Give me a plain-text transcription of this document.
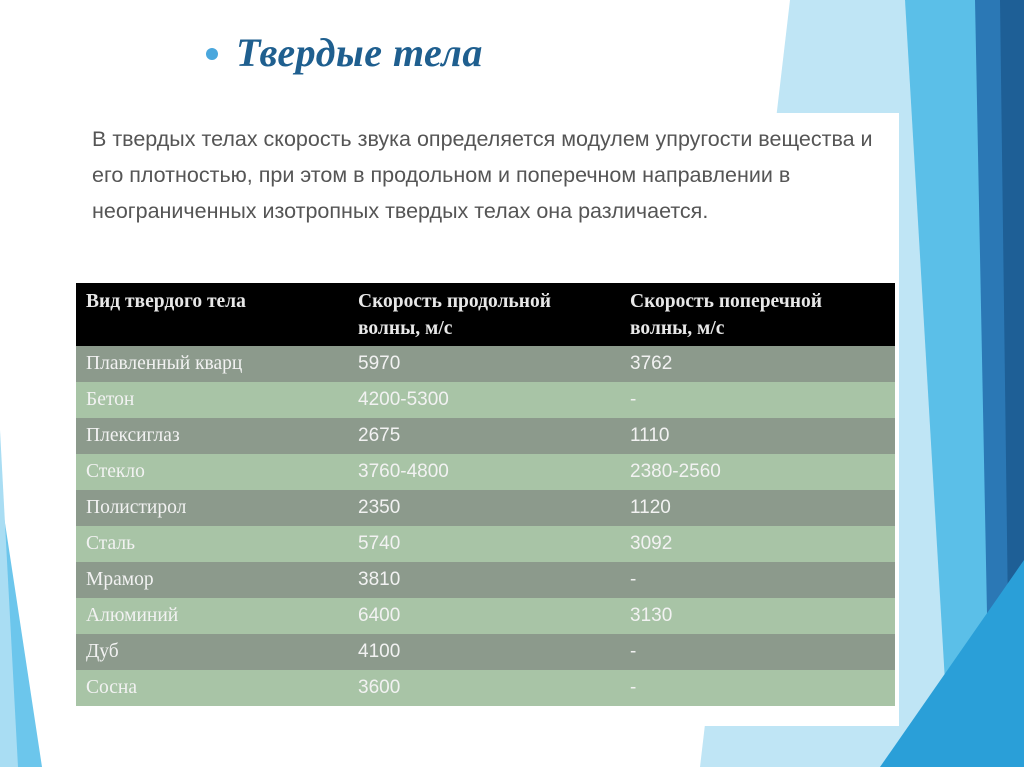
Твердые тела
В твердых телах скорость звука определяется модулем упругости вещества и его плотностью, при этом в продольном и поперечном направлении в неограниченных изотропных твердых телах она различается.
Вид твердого тела	Скорость продольной волны, м/с	Скорость поперечной волны, м/с
Плавленный кварц	5970	3762
Бетон	4200-5300	-
Плексиглаз	2675	1110
Стекло	3760-4800	2380-2560
Полистирол	2350	1120
Сталь	5740	3092
Мрамор	3810	-
Алюминий	6400	3130
Дуб	4100	-
Сосна	3600	-
